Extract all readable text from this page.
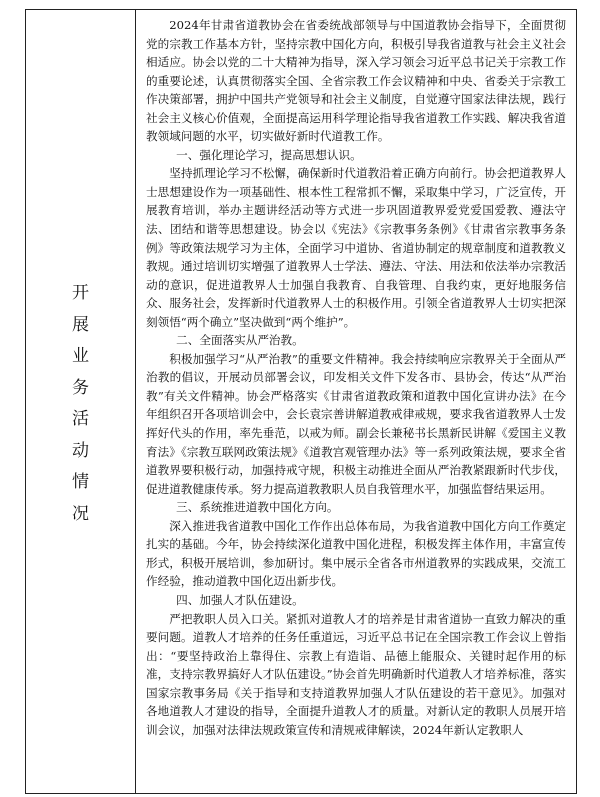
开展业务活动情况

2024年甘肃省道教协会在省委统战部领导与中国道教协会指导下，全面贯彻党的宗教工作基本方针，坚持宗教中国化方向，积极引导我省道教与社会主义社会相适应。协会以党的二十大精神为指导，深入学习领会习近平总书记关于宗教工作的重要论述，认真贯彻落实全国、全省宗教工作会议精神和中央、省委关于宗教工作决策部署，拥护中国共产党领导和社会主义制度，自觉遵守国家法律法规，践行社会主义核心价值观，全面提高运用科学理论指导我省道教工作实践、解决我省道教领域问题的水平，切实做好新时代道教工作。

一、强化理论学习，提高思想认识。

坚持抓理论学习不松懈，确保新时代道教沿着正确方向前行。协会把道教界人士思想建设作为一项基础性、根本性工程常抓不懈，采取集中学习，广泛宣传，开展教育培训，举办主题讲经活动等方式进一步巩固道教界爱党爱国爱教、遵法守法、团结和谐等思想建设。协会以《宪法》《宗教事务条例》《甘肃省宗教事务条例》等政策法规学习为主体，全面学习中道协、省道协制定的规章制度和道教教义教规。通过培训切实增强了道教界人士学法、遵法、守法、用法和依法举办宗教活动的意识，促进道教界人士加强自我教育、自我管理、自我约束，更好地服务信众、服务社会，发挥新时代道教界人士的积极作用。引领全省道教界人士切实把深刻领悟“两个确立”坚决做到“两个维护”。

二、全面落实从严治教。

积极加强学习“从严治教”的重要文件精神。我会持续响应宗教界关于全面从严治教的倡议，开展动员部署会议，印发相关文件下发各市、县协会，传达“从严治教”有关文件精神。协会严格落实《甘肃省道教政策和道教中国化宣讲办法》在今年组织召开各项培训会中，会长袁宗善讲解道教戒律戒规，要求我省道教界人士发挥好代头的作用，率先垂范，以戒为师。副会长兼秘书长黑新民讲解《爱国主义教育法》《宗教互联网政策法规》《道教宫观管理办法》等一系列政策法规，要求全省道教界要积极行动，加强持戒守规，积极主动推进全面从严治教紧跟新时代步伐，促进道教健康传承。努力提高道教教职人员自我管理水平，加强监督结果运用。

三、系统推进道教中国化方向。

深入推进我省道教中国化工作作出总体布局，为我省道教中国化方向工作奠定扎实的基础。今年，协会持续深化道教中国化进程，积极发挥主体作用，丰富宣传形式，积极开展培训，参加研讨。集中展示全省各市州道教界的实践成果，交流工作经验，推动道教中国化迈出新步伐。

四、加强人才队伍建设。

严把教职人员入口关。紧抓对道教人才的培养是甘肃省道协一直致力解决的重要问题。道教人才培养的任务任重道远，习近平总书记在全国宗教工作会议上曾指出：“要坚持政治上靠得住、宗教上有造诣、品德上能服众、关键时起作用的标准，支持宗教界搞好人才队伍建设。”协会首先明确新时代道教人才培养标准，落实国家宗教事务局《关于指导和支持道教界加强人才队伍建设的若干意见》。加强对各地道教人才建设的指导，全面提升道教人才的质量。对新认定的教职人员展开培训会议，加强对法律法规政策宣传和清规戒律解读，2024年新认定教职人
